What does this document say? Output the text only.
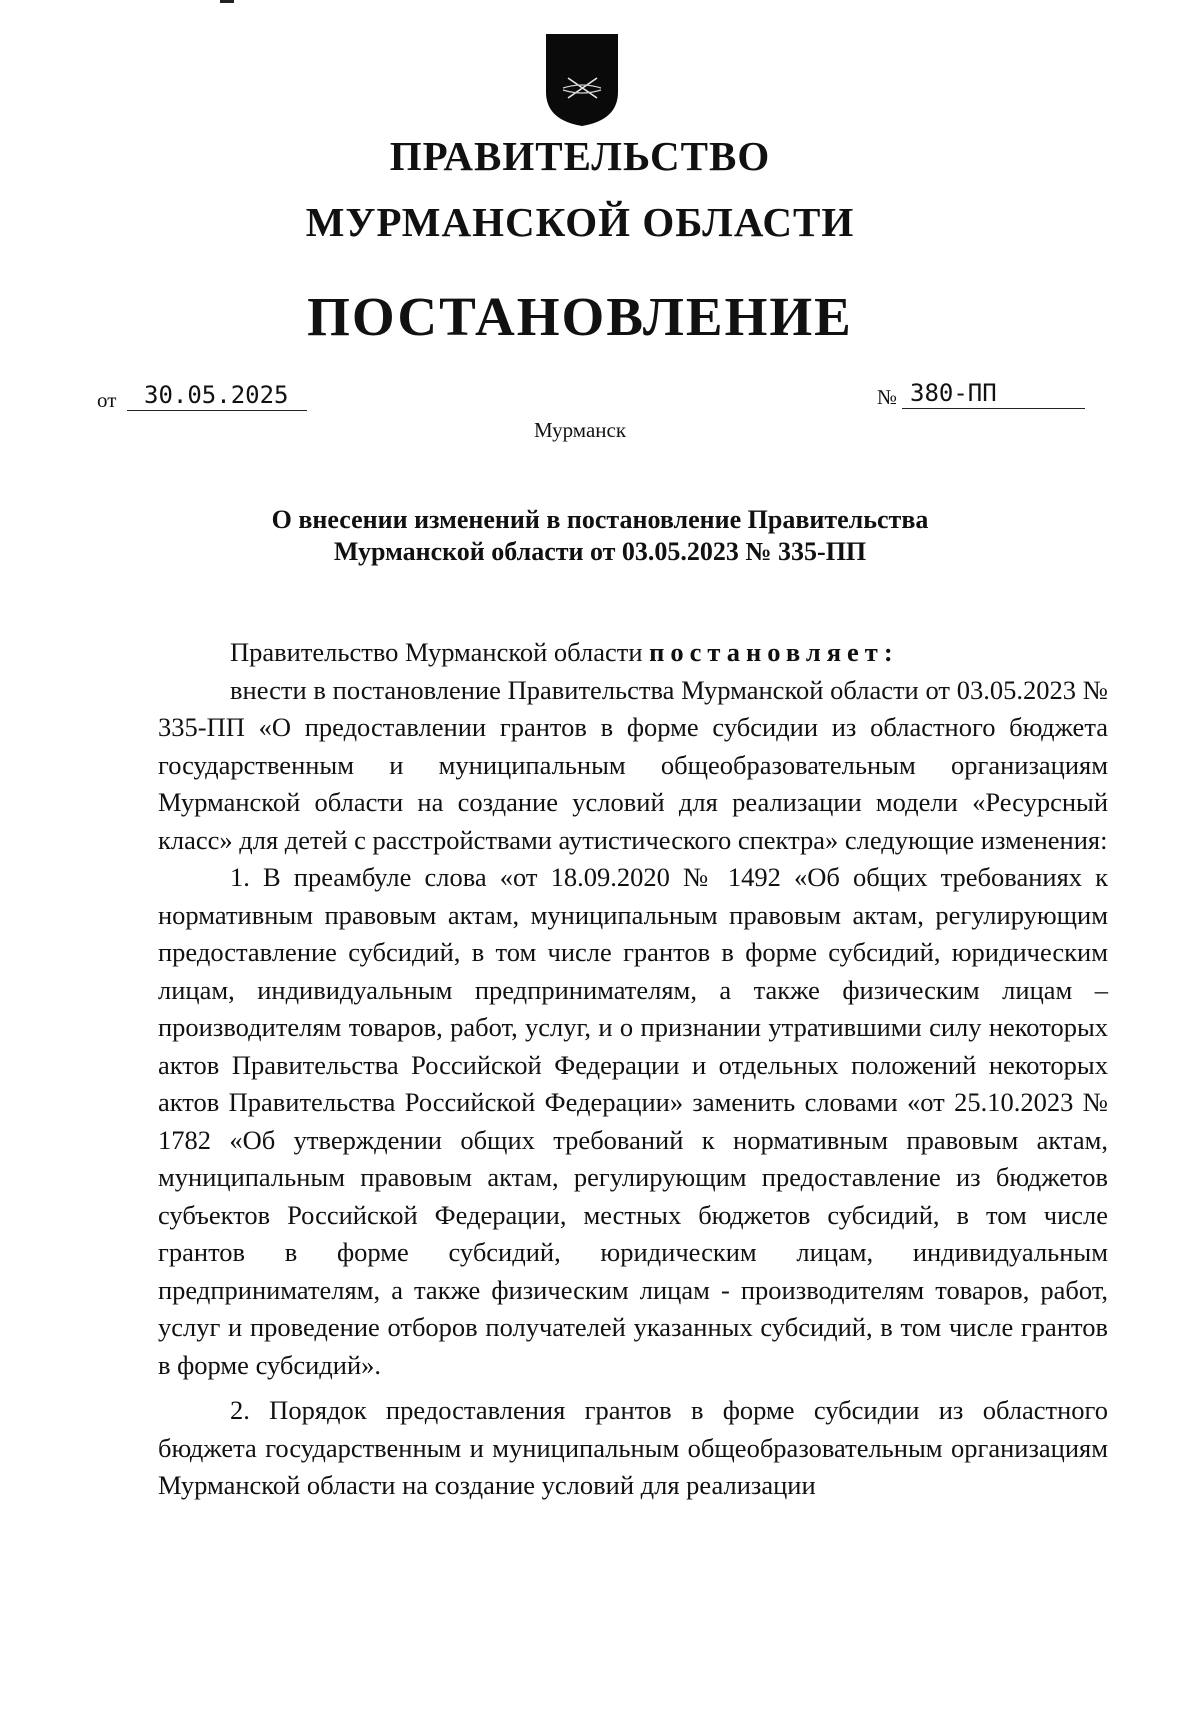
ПРАВИТЕЛЬСТВО
МУРМАНСКОЙ ОБЛАСТИ
ПОСТАНОВЛЕНИЕ
от	30.05.2025	№ 380-ПП
Мурманск
О внесении изменений в постановление Правительства
Мурманской области от 03.05.2023 № 335-ПП

Правительство Мурманской области постановляет:

внести в постановление Правительства Мурманской области от 03.05.2023 № 335-ПП «О предоставлении грантов в форме субсидии из областного бюджета государственным и муниципальным общеобразовательным организациям Мурманской области на создание условий для реализации модели «Ресурсный класс» для детей с расстройствами аутистического спектра» следующие изменения:

1. В преамбуле слова «от 18.09.2020 № 1492 «Об общих требованиях к нормативным правовым актам, муниципальным правовым актам, регулирующим предоставление субсидий, в том числе грантов в форме субсидий, юридическим лицам, индивидуальным предпринимателям, а также физическим лицам – производителям товаров, работ, услуг, и о признании утратившими силу некоторых актов Правительства Российской Федерации и отдельных положений некоторых актов Правительства Российской Федерации» заменить словами «от 25.10.2023 № 1782 «Об утверждении общих требований к нормативным правовым актам, муниципальным правовым актам, регулирующим предоставление из бюджетов субъектов Российской Федерации, местных бюджетов субсидий, в том числе грантов в форме субсидий, юридическим лицам, индивидуальным предпринимателям, а также физическим лицам - производителям товаров, работ, услуг и проведение отборов получателей указанных субсидий, в том числе грантов в форме субсидий».

2. Порядок предоставления грантов в форме субсидии из областного бюджета государственным и муниципальным общеобразовательным организациям Мурманской области на создание условий для реализации
